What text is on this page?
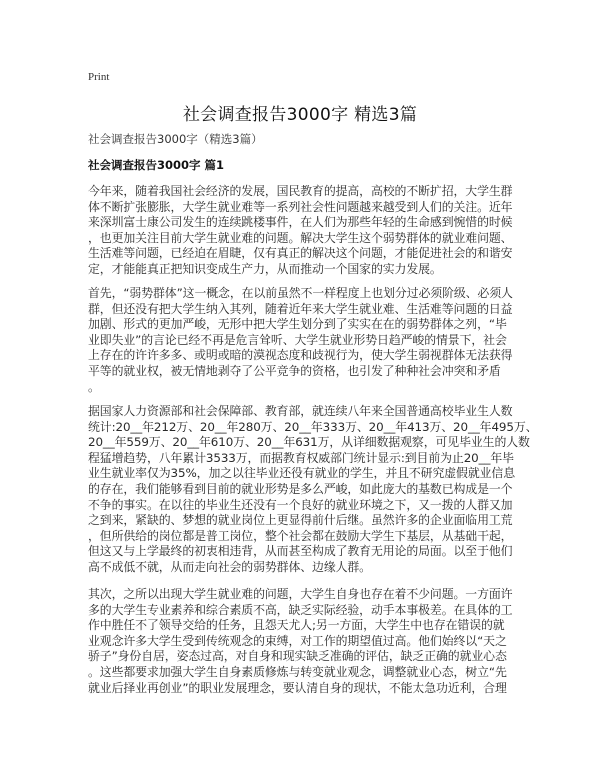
Print
社会调查报告3000字 精选3篇
社会调查报告3000字（精选3篇）
社会调查报告3000字 篇1
今年来，随着我国社会经济的发展，国民教育的提高，高校的不断扩招，大学生群
体不断扩张膨胀，大学生就业难等一系列社会性问题越来越受到人们的关注。近年
来深圳富士康公司发生的连续跳楼事件，在人们为那些年轻的生命感到惋惜的时候
，也更加关注目前大学生就业难的问题。解决大学生这个弱势群体的就业难问题、
生活难等问题，已经迫在眉睫，仅有真正的解决这个问题，才能促进社会的和谐安
定，才能能真正把知识变成生产力，从而推动一个国家的实力发展。
首先，“弱势群体”这一概念，在以前虽然不一样程度上也划分过必须阶级、必须人
群，但还没有把大学生纳入其列，随着近年来大学生就业难、生活难等问题的日益
加剧、形式的更加严峻，无形中把大学生划分到了实实在在的弱势群体之列，“毕
业即失业”的言论已经不再是危言耸听、大学生就业形势日趋严峻的情景下，社会
上存在的许许多多、或明或暗的漠视态度和歧视行为，使大学生弱视群体无法获得
平等的就业权，被无情地剥夺了公平竞争的资格，也引发了种种社会冲突和矛盾
。
据国家人力资源部和社会保障部、教育部，就连续八年来全国普通高校毕业生人数
统计:20__年212万、20__年280万、20__年333万、20__年413万、20__年495万、
20__年559万、20__年610万、20__年631万，从详细数据观察，可见毕业生的人数
程猛增趋势，八年累计3533万，而据教育权威部门统计显示:到目前为止20__年毕
业生就业率仅为35%，加之以往毕业还役有就业的学生，并且不研究虚假就业信息
的存在，我们能够看到目前的就业形势是多么严峻，如此庞大的基数已构成是一个
不争的事实。在以往的毕业生还没有一个良好的就业环境之下，又一拨的人群又加
之到来，紧缺的、梦想的就业岗位上更显得前什后继。虽然许多的企业面临用工荒
，但所供给的岗位都是普工岗位，整个社会都在鼓励大学生下基层，从基础干起，
但这又与上学最终的初衷相违背，从而甚至构成了教育无用论的局面。以至于他们
高不成低不就，从而走向社会的弱势群体、边缘人群。
其次，之所以出现大学生就业难的问题，大学生自身也存在着不少问题。一方面许
多的大学生专业素养和综合素质不高，缺乏实际经验，动手本事极差。在具体的工
作中胜任不了领导交给的任务，且怨天尤人;另一方面，大学生中也存在错误的就
业观念许多大学生受到传统观念的束缚，对工作的期望值过高。他们始终以“天之
骄子”身份自居，姿态过高，对自身和现实缺乏准确的评估，缺乏正确的就业心态
。这些都要求加强大学生自身素质修炼与转变就业观念，调整就业心态，树立“先
就业后择业再创业”的职业发展理念，要认清自身的现状，不能太急功近利，合理
